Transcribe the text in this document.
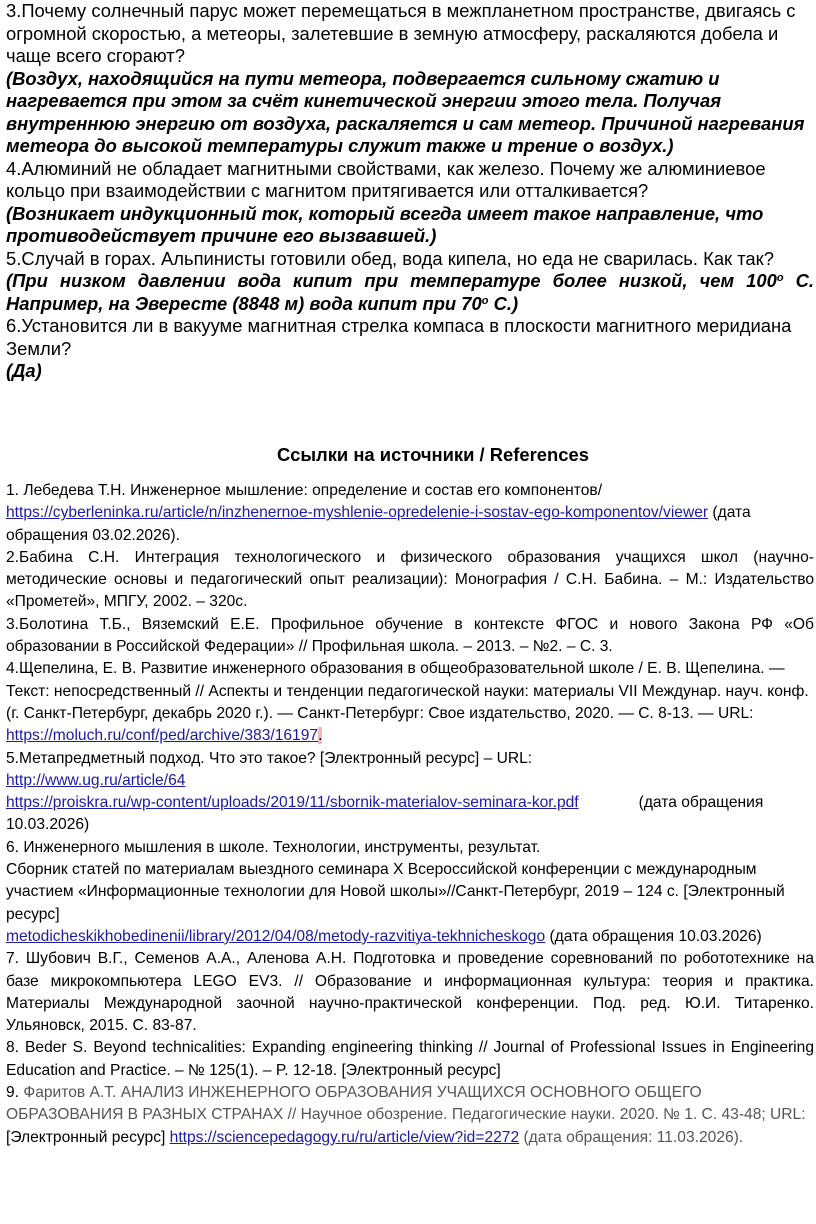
3.Почему солнечный парус может перемещаться в межпланетном пространстве, двигаясь с огромной скоростью, а метеоры, залетевшие в земную атмосферу, раскаляются добела и чаще всего сгорают?

(Воздух, находящийся на пути метеора, подвергается сильному сжатию и нагревается при этом за счёт кинетической энергии этого тела. Получая внутреннюю энергию от воздуха, раскаляется и сам метеор. Причиной нагревания метеора до высокой температуры служит также и трение о воздух.)

4.Алюминий не обладает магнитными свойствами, как железо. Почему же алюминиевое кольцо при взаимодействии с магнитом притягивается или отталкивается?

(Возникает индукционный ток, который всегда имеет такое направление, что противодействует причине его вызвавшей.)

5.Случай в горах. Альпинисты готовили обед, вода кипела, но еда не сварилась. Как так?

(При низком давлении вода кипит при температуре более низкой, чем $100^о$ С. Например, на Эвересте (8848 м) вода кипит при $70^о$ С.)

6.Установится ли в вакууме магнитная стрелка компаса в плоскости магнитного меридиана Земли?

(Да)

Ссылки на источники / References

1. Лебедева Т.Н. Инженерное мышление: определение и состав его компонентов/ https://cyberleninka.ru/article/n/inzhenernoe-myshlenie-opredelenie-i-sostav-ego-komponentov/viewer (дата обращения 03.02.2026).

2.Бабина С.Н. Интеграция технологического и физического образования учащихся школ (научно-методические основы и педагогический опыт реализации): Монография / С.Н. Бабина. – М.: Издательство «Прометей», МПГУ, 2002. – 320с.

3.Болотина Т.Б., Вяземский Е.Е. Профильное обучение в контексте ФГОС и нового Закона РФ «Об образовании в Российской Федерации» // Профильная школа. – 2013. – №2. – С. 3.

4.Щепелина, Е. В. Развитие инженерного образования в общеобразовательной школе / Е. В. Щепелина. — Текст: непосредственный // Аспекты и тенденции педагогической науки: материалы VII Междунар. науч. конф. (г. Санкт-Петербург, декабрь 2020 г.). — Санкт-Петербург: Свое издательство, 2020. — С. 8-13. — URL:
https://moluch.ru/conf/ped/archive/383/16197.

5.Метапредметный подход. Что это такое? [Электронный ресурс] – URL:
http://www.ug.ru/article/64
https://proiskra.ru/wp-content/uploads/2019/11/sbornik-materialov-seminara-kor.pdf	(дата обращения 10.03.2026)

6. Инженерного мышления в школе. Технологии, инструменты, результат.
Сборник статей по материалам выездного семинара X Всероссийской конференции с международным участием «Информационные технологии для Новой школы»//Санкт-Петербург, 2019 – 124 с. [Электронный ресурс]
metodicheskikhobedinenii/library/2012/04/08/metody-razvitiya-tekhnicheskogo (дата обращения 10.03.2026)

7. Шубович В.Г., Семенов А.А., Аленова А.Н. Подготовка и проведение соревнований по робототехнике на базе микрокомпьютера LEGO EV3. // Образование и информационная культура: теория и практика. Материалы Международной заочной научно-практической конференции. Под. ред. Ю.И. Титаренко. Ульяновск, 2015. С. 83-87.

8. Beder S. Beyond technicalities: Expanding engineering thinking // Journal of Professional Issues in Engineering Education and Practice. – № 125(1). – P. 12-18. [Электронный ресурс]

9. Фаритов А.Т. АНАЛИЗ ИНЖЕНЕРНОГО ОБРАЗОВАНИЯ УЧАЩИХСЯ ОСНОВНОГО ОБЩЕГО ОБРАЗОВАНИЯ В РАЗНЫХ СТРАНАХ // Научное обозрение. Педагогические науки. 2020. № 1. С. 43-48; URL: [Электронный ресурс] https://sciencepedagogy.ru/ru/article/view?id=2272 (дата обращения: 11.03.2026).
